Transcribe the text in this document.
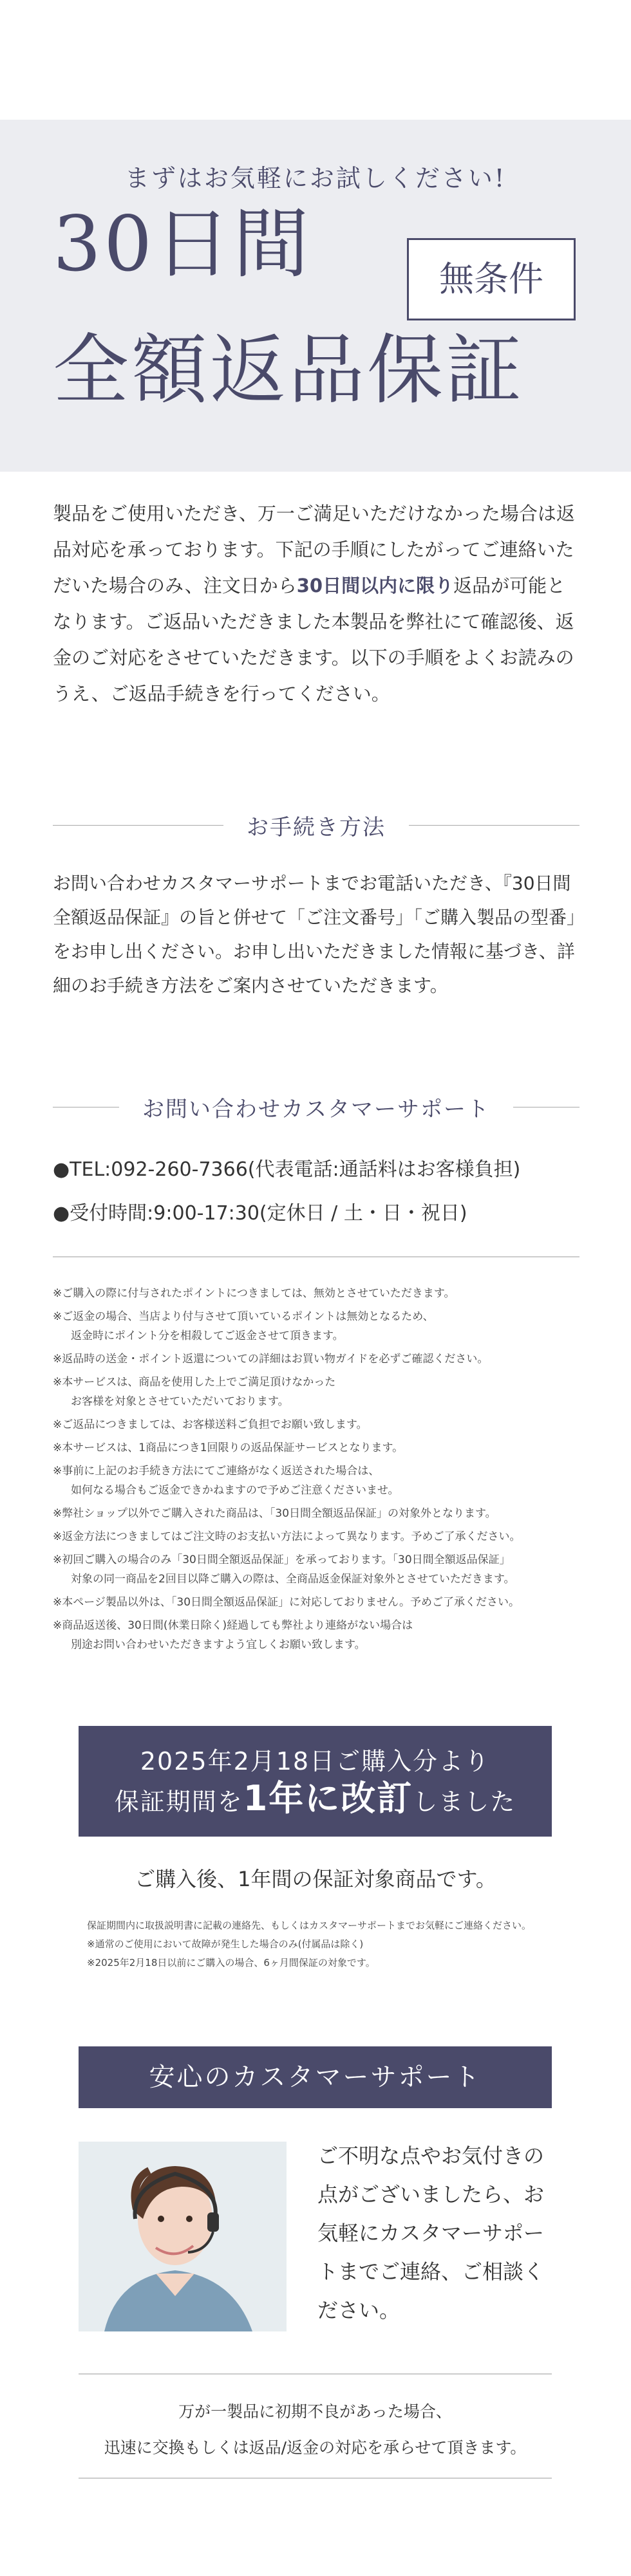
まずはお気軽にお試しください!
30日間	無条件
全額返品保証
製品をご使用いただき、万一ご満足いただけなかった場合は返品対応を承っております。下記の手順にしたがってご連絡いただいた場合のみ、注文日から30日間以内に限り返品が可能となります。ご返品いただきました本製品を弊社にて確認後、返金のご対応をさせていただきます。以下の手順をよくお読みのうえ、ご返品手続きを行ってください。
お手続き方法
お問い合わせカスタマーサポートまでお電話いただき、『30日間全額返品保証』の旨と併せて「ご注文番号」「ご購入製品の型番」をお申し出ください。お申し出いただきました情報に基づき、詳細のお手続き方法をご案内させていただきます。
お問い合わせカスタマーサポート
●TEL:092-260-7366(代表電話:通話料はお客様負担)
●受付時間:9:00-17:30(定休日 / 土・日・祝日)
※ご購入の際に付与されたポイントにつきましては、無効とさせていただきます。
※ご返金の場合、当店より付与させて頂いているポイントは無効となるため、
返金時にポイント分を相殺してご返金させて頂きます。
※返品時の送金・ポイント返還についての詳細はお買い物ガイドを必ずご確認ください。
※本サービスは、商品を使用した上でご満足頂けなかった
お客様を対象とさせていただいております。
※ご返品につきましては、お客様送料ご負担でお願い致します。
※本サービスは、1商品につき1回限りの返品保証サービスとなります。
※事前に上記のお手続き方法にてご連絡がなく返送された場合は、
如何なる場合もご返金できかねますので予めご注意くださいませ。
※弊社ショップ以外でご購入された商品は、「30日間全額返品保証」の対象外となります。
※返金方法につきましてはご注文時のお支払い方法によって異なります。予めご了承ください。
※初回ご購入の場合のみ「30日間全額返品保証」を承っております。「30日間全額返品保証」
対象の同一商品を2回目以降ご購入の際は、全商品返金保証対象外とさせていただきます。
※本ページ製品以外は、「30日間全額返品保証」に対応しておりません。予めご了承ください。
※商品返送後、30日間(休業日除く)経過しても弊社より連絡がない場合は
別途お問い合わせいただきますよう宜しくお願い致します。
2025年2月18日ご購入分より
保証期間を1年に改訂しました
ご購入後、1年間の保証対象商品です。
保証期間内に取扱説明書に記載の連絡先、もしくはカスタマーサポートまでお気軽にご連絡ください。
※通常のご使用において故障が発生した場合のみ(付属品は除く)
※2025年2月18日以前にご購入の場合、6ヶ月間保証の対象です。
安心のカスタマーサポート
ご不明な点やお気付きの点がございましたら、お気軽にカスタマーサポートまでご連絡、ご相談ください。
万が一製品に初期不良があった場合、
迅速に交換もしくは返品/返金の対応を承らせて頂きます。
